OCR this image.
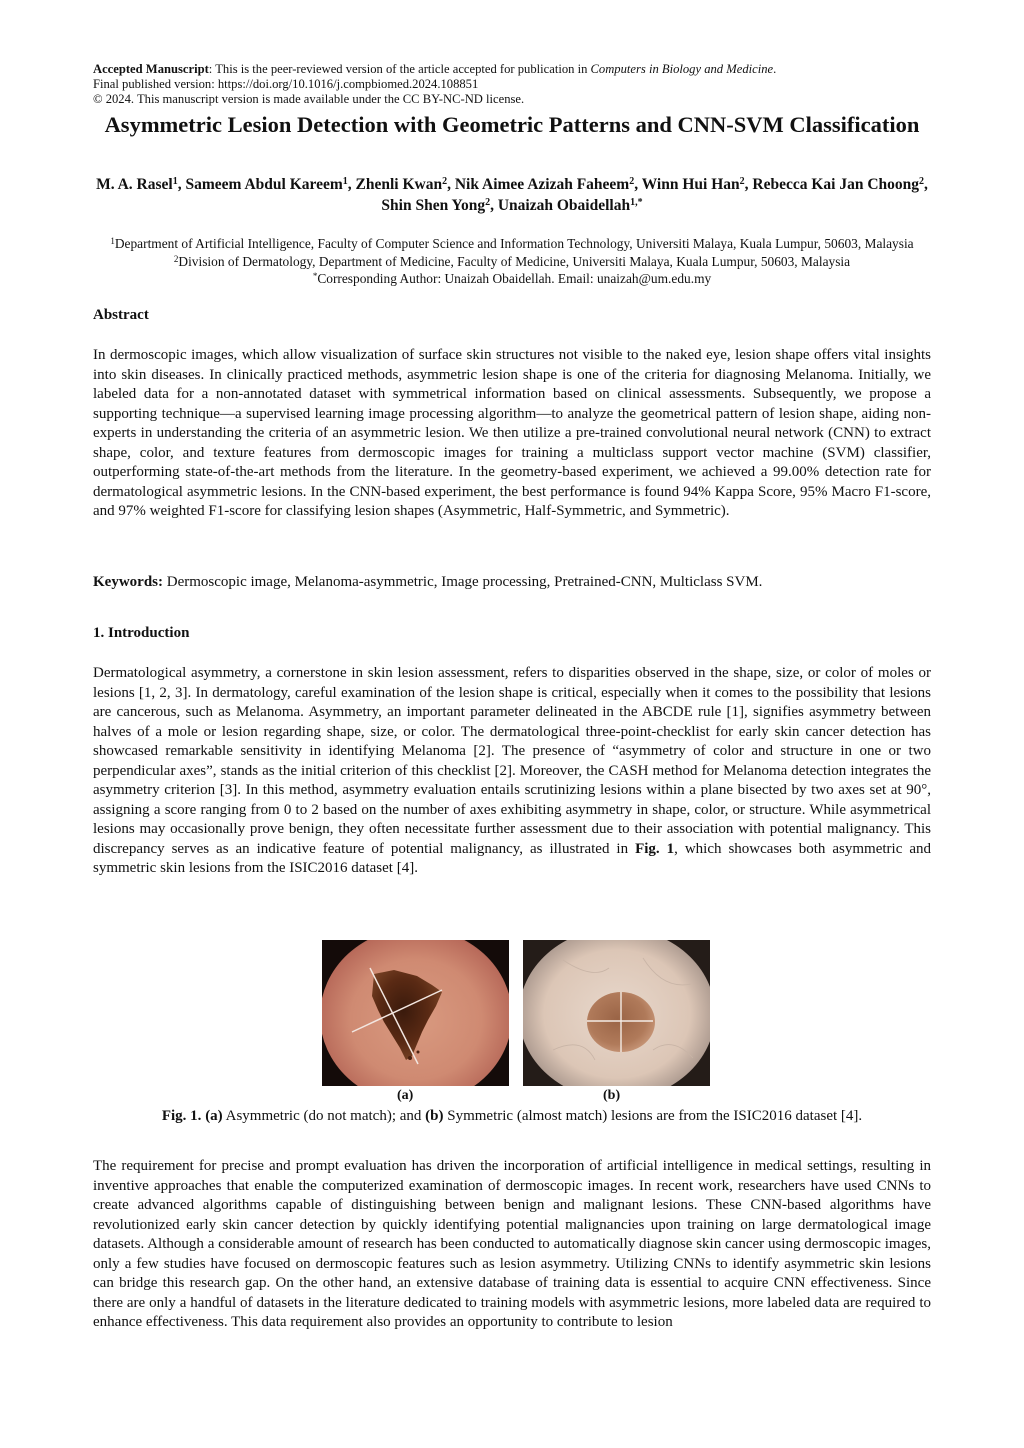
Accepted Manuscript: This is the peer-reviewed version of the article accepted for publication in Computers in Biology and Medicine.
Final published version: https://doi.org/10.1016/j.compbiomed.2024.108851
© 2024. This manuscript version is made available under the CC BY-NC-ND license.
Asymmetric Lesion Detection with Geometric Patterns and CNN-SVM Classification
M. A. Rasel$^1$, Sameem Abdul Kareem$^1$, Zhenli Kwan$^2$, Nik Aimee Azizah Faheem$^2$, Winn Hui Han$^2$, Rebecca Kai Jan Choong$^2$, Shin Shen Yong$^2$, Unaizah Obaidellah$^{1,*}$
$^1$Department of Artificial Intelligence, Faculty of Computer Science and Information Technology, Universiti Malaya, Kuala Lumpur, 50603, Malaysia
$^2$Division of Dermatology, Department of Medicine, Faculty of Medicine, Universiti Malaya, Kuala Lumpur, 50603, Malaysia
*Corresponding Author: Unaizah Obaidellah. Email: unaizah@um.edu.my
Abstract

In dermoscopic images, which allow visualization of surface skin structures not visible to the naked eye, lesion shape offers vital insights into skin diseases. In clinically practiced methods, asymmetric lesion shape is one of the criteria for diagnosing Melanoma. Initially, we labeled data for a non-annotated dataset with symmetrical information based on clinical assessments. Subsequently, we propose a supporting technique—a supervised learning image processing algorithm—to analyze the geometrical pattern of lesion shape, aiding non-experts in understanding the criteria of an asymmetric lesion. We then utilize a pre-trained convolutional neural network (CNN) to extract shape, color, and texture features from dermoscopic images for training a multiclass support vector machine (SVM) classifier, outperforming state-of-the-art methods from the literature. In the geometry-based experiment, we achieved a 99.00% detection rate for dermatological asymmetric lesions. In the CNN-based experiment, the best performance is found 94% Kappa Score, 95% Macro F1-score, and 97% weighted F1-score for classifying lesion shapes (Asymmetric, Half-Symmetric, and Symmetric).

Keywords: Dermoscopic image, Melanoma-asymmetric, Image processing, Pretrained-CNN, Multiclass SVM.
1. Introduction

Dermatological asymmetry, a cornerstone in skin lesion assessment, refers to disparities observed in the shape, size, or color of moles or lesions [1, 2, 3]. In dermatology, careful examination of the lesion shape is critical, especially when it comes to the possibility that lesions are cancerous, such as Melanoma. Asymmetry, an important parameter delineated in the ABCDE rule [1], signifies asymmetry between halves of a mole or lesion regarding shape, size, or color. The dermatological three-point-checklist for early skin cancer detection has showcased remarkable sensitivity in identifying Melanoma [2]. The presence of “asymmetry of color and structure in one or two perpendicular axes”, stands as the initial criterion of this checklist [2]. Moreover, the CASH method for Melanoma detection integrates the asymmetry criterion [3]. In this method, asymmetry evaluation entails scrutinizing lesions within a plane bisected by two axes set at 90°, assigning a score ranging from 0 to 2 based on the number of axes exhibiting asymmetry in shape, color, or structure. While asymmetrical lesions may occasionally prove benign, they often necessitate further assessment due to their association with potential malignancy. This discrepancy serves as an indicative feature of potential malignancy, as illustrated in Fig. 1, which showcases both asymmetric and symmetric skin lesions from the ISIC2016 dataset [4].

(a)	(b)
Fig. 1. (a) Asymmetric (do not match); and (b) Symmetric (almost match) lesions are from the ISIC2016 dataset [4].

The requirement for precise and prompt evaluation has driven the incorporation of artificial intelligence in medical settings, resulting in inventive approaches that enable the computerized examination of dermoscopic images. In recent work, researchers have used CNNs to create advanced algorithms capable of distinguishing between benign and malignant lesions. These CNN-based algorithms have revolutionized early skin cancer detection by quickly identifying potential malignancies upon training on large dermatological image datasets. Although a considerable amount of research has been conducted to automatically diagnose skin cancer using dermoscopic images, only a few studies have focused on dermoscopic features such as lesion asymmetry. Utilizing CNNs to identify asymmetric skin lesions can bridge this research gap. On the other hand, an extensive database of training data is essential to acquire CNN effectiveness. Since there are only a handful of datasets in the literature dedicated to training models with asymmetric lesions, more labeled data are required to enhance effectiveness. This data requirement also provides an opportunity to contribute to lesion
